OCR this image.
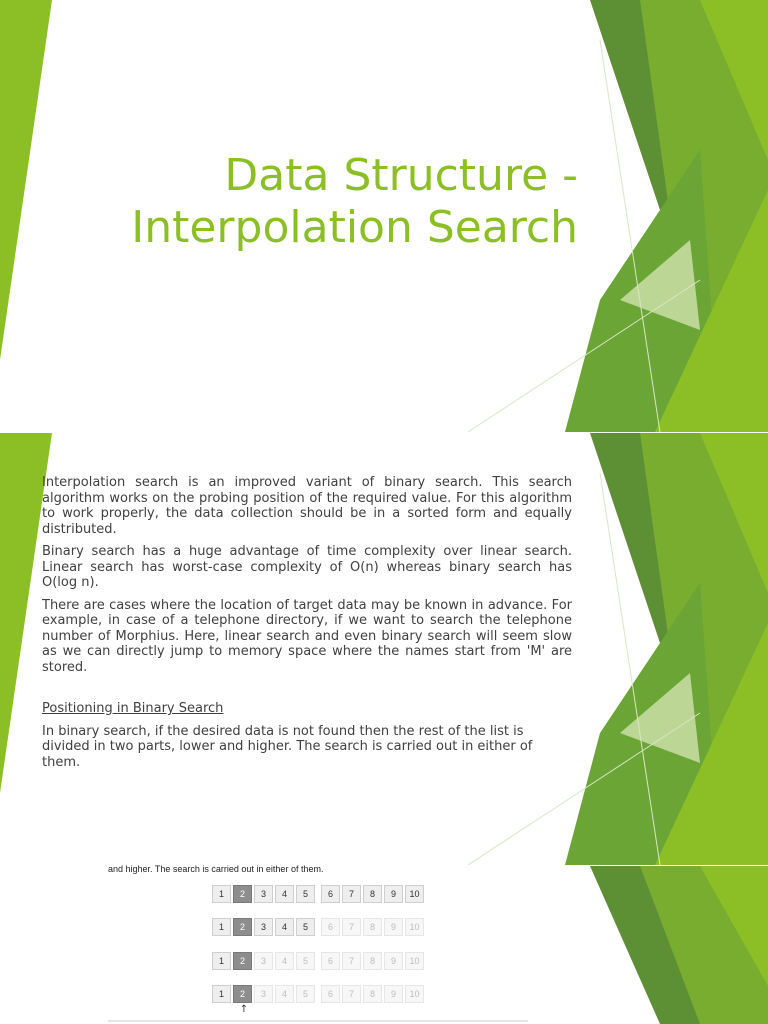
Data Structure -
Interpolation Search

Interpolation search is an improved variant of binary search. This search algorithm works on the probing position of the required value. For this algorithm to work properly, the data collection should be in a sorted form and equally distributed.

Binary search has a huge advantage of time complexity over linear search. Linear search has worst-case complexity of O(n) whereas binary search has O(log n).

There are cases where the location of target data may be known in advance. For example, in case of a telephone directory, if we want to search the telephone number of Morphius. Here, linear search and even binary search will seem slow as we can directly jump to memory space where the names start from 'M' are stored.

Positioning in Binary Search

In binary search, if the desired data is not found then the rest of the list is divided in two parts, lower and higher. The search is carried out in either of them.

and higher. The search is carried out in either of them.
1	2	3	4	5	6	7	8	9	10
1	2	3	4	5	6	7	8	9	10
1	2	3	4	5	6	7	8	9	10
1	2	3	4	5	6	7	8	9	10
↑
